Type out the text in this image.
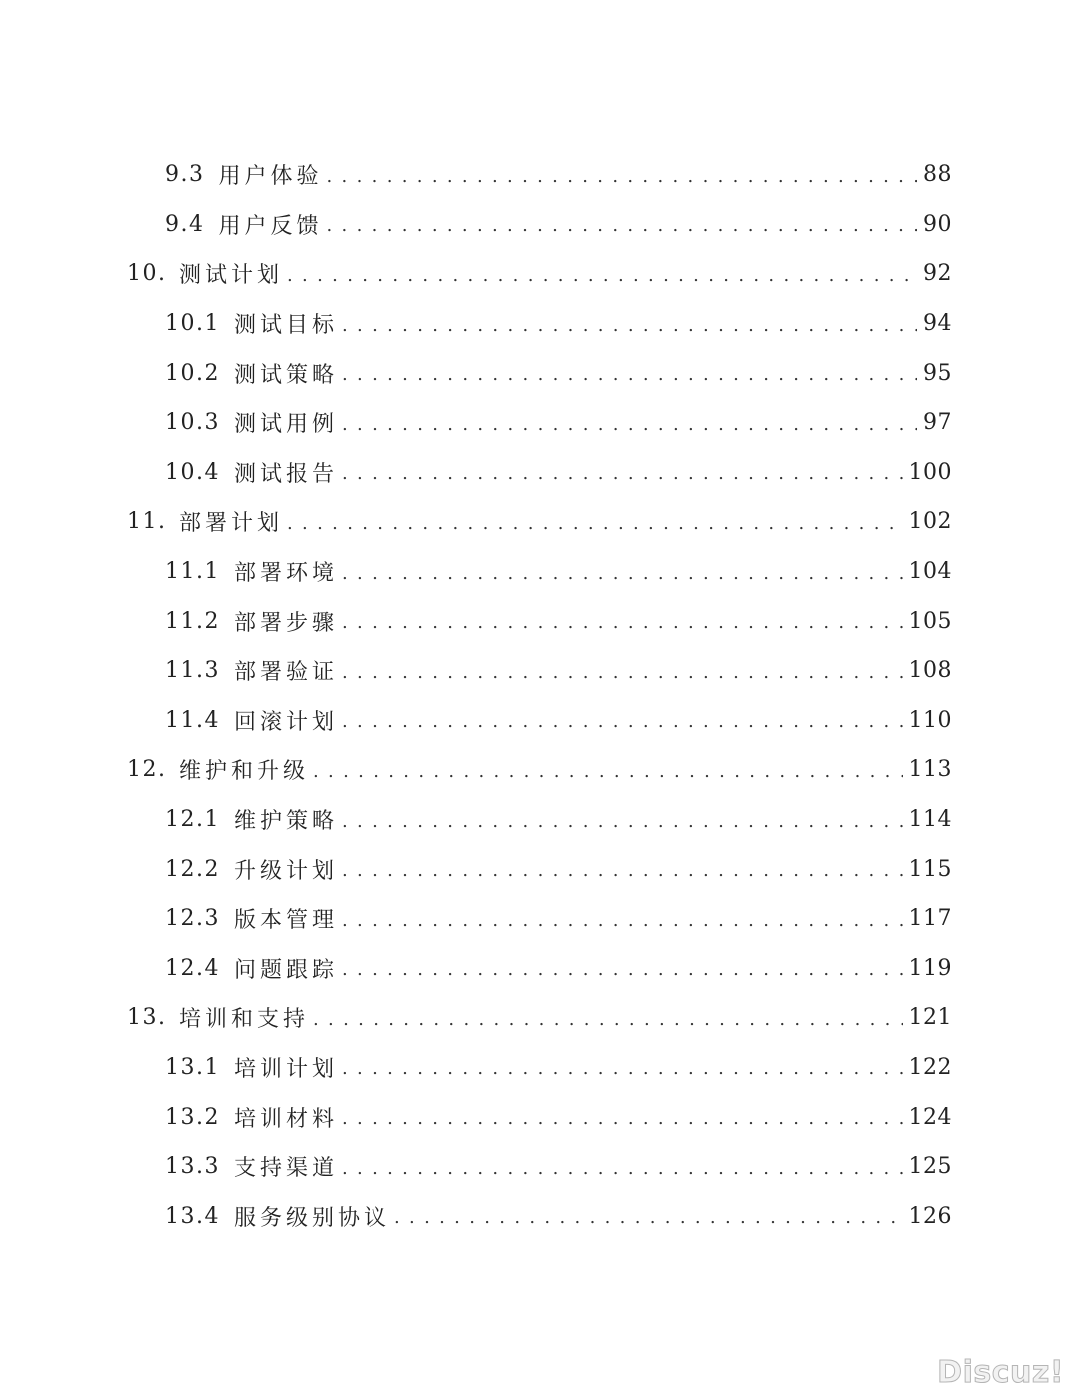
9.3 用户体验 . . .	88
9.4 用户反馈 . . .	90
10. 测试计划 . . .	92
10.1 测试目标 . . .	94
10.2 测试策略 . . .	95
10.3 测试用例 . . .	97
10.4 测试报告 . . .	100
11. 部署计划 . . .	102
11.1 部署环境 . . .	104
11.2 部署步骤 . . .	105
11.3 部署验证 . . .	108
11.4 回滚计划 . . .	110
12. 维护和升级 . . .	113
12.1 维护策略 . . .	114
12.2 升级计划 . . .	115
12.3 版本管理 . . .	117
12.4 问题跟踪 . . .	119
13. 培训和支持 . . .	121
13.1 培训计划 . . .	122
13.2 培训材料 . . .	124
13.3 支持渠道 . . .	125
13.4 服务级别协议 . . .	126
Discuz!
